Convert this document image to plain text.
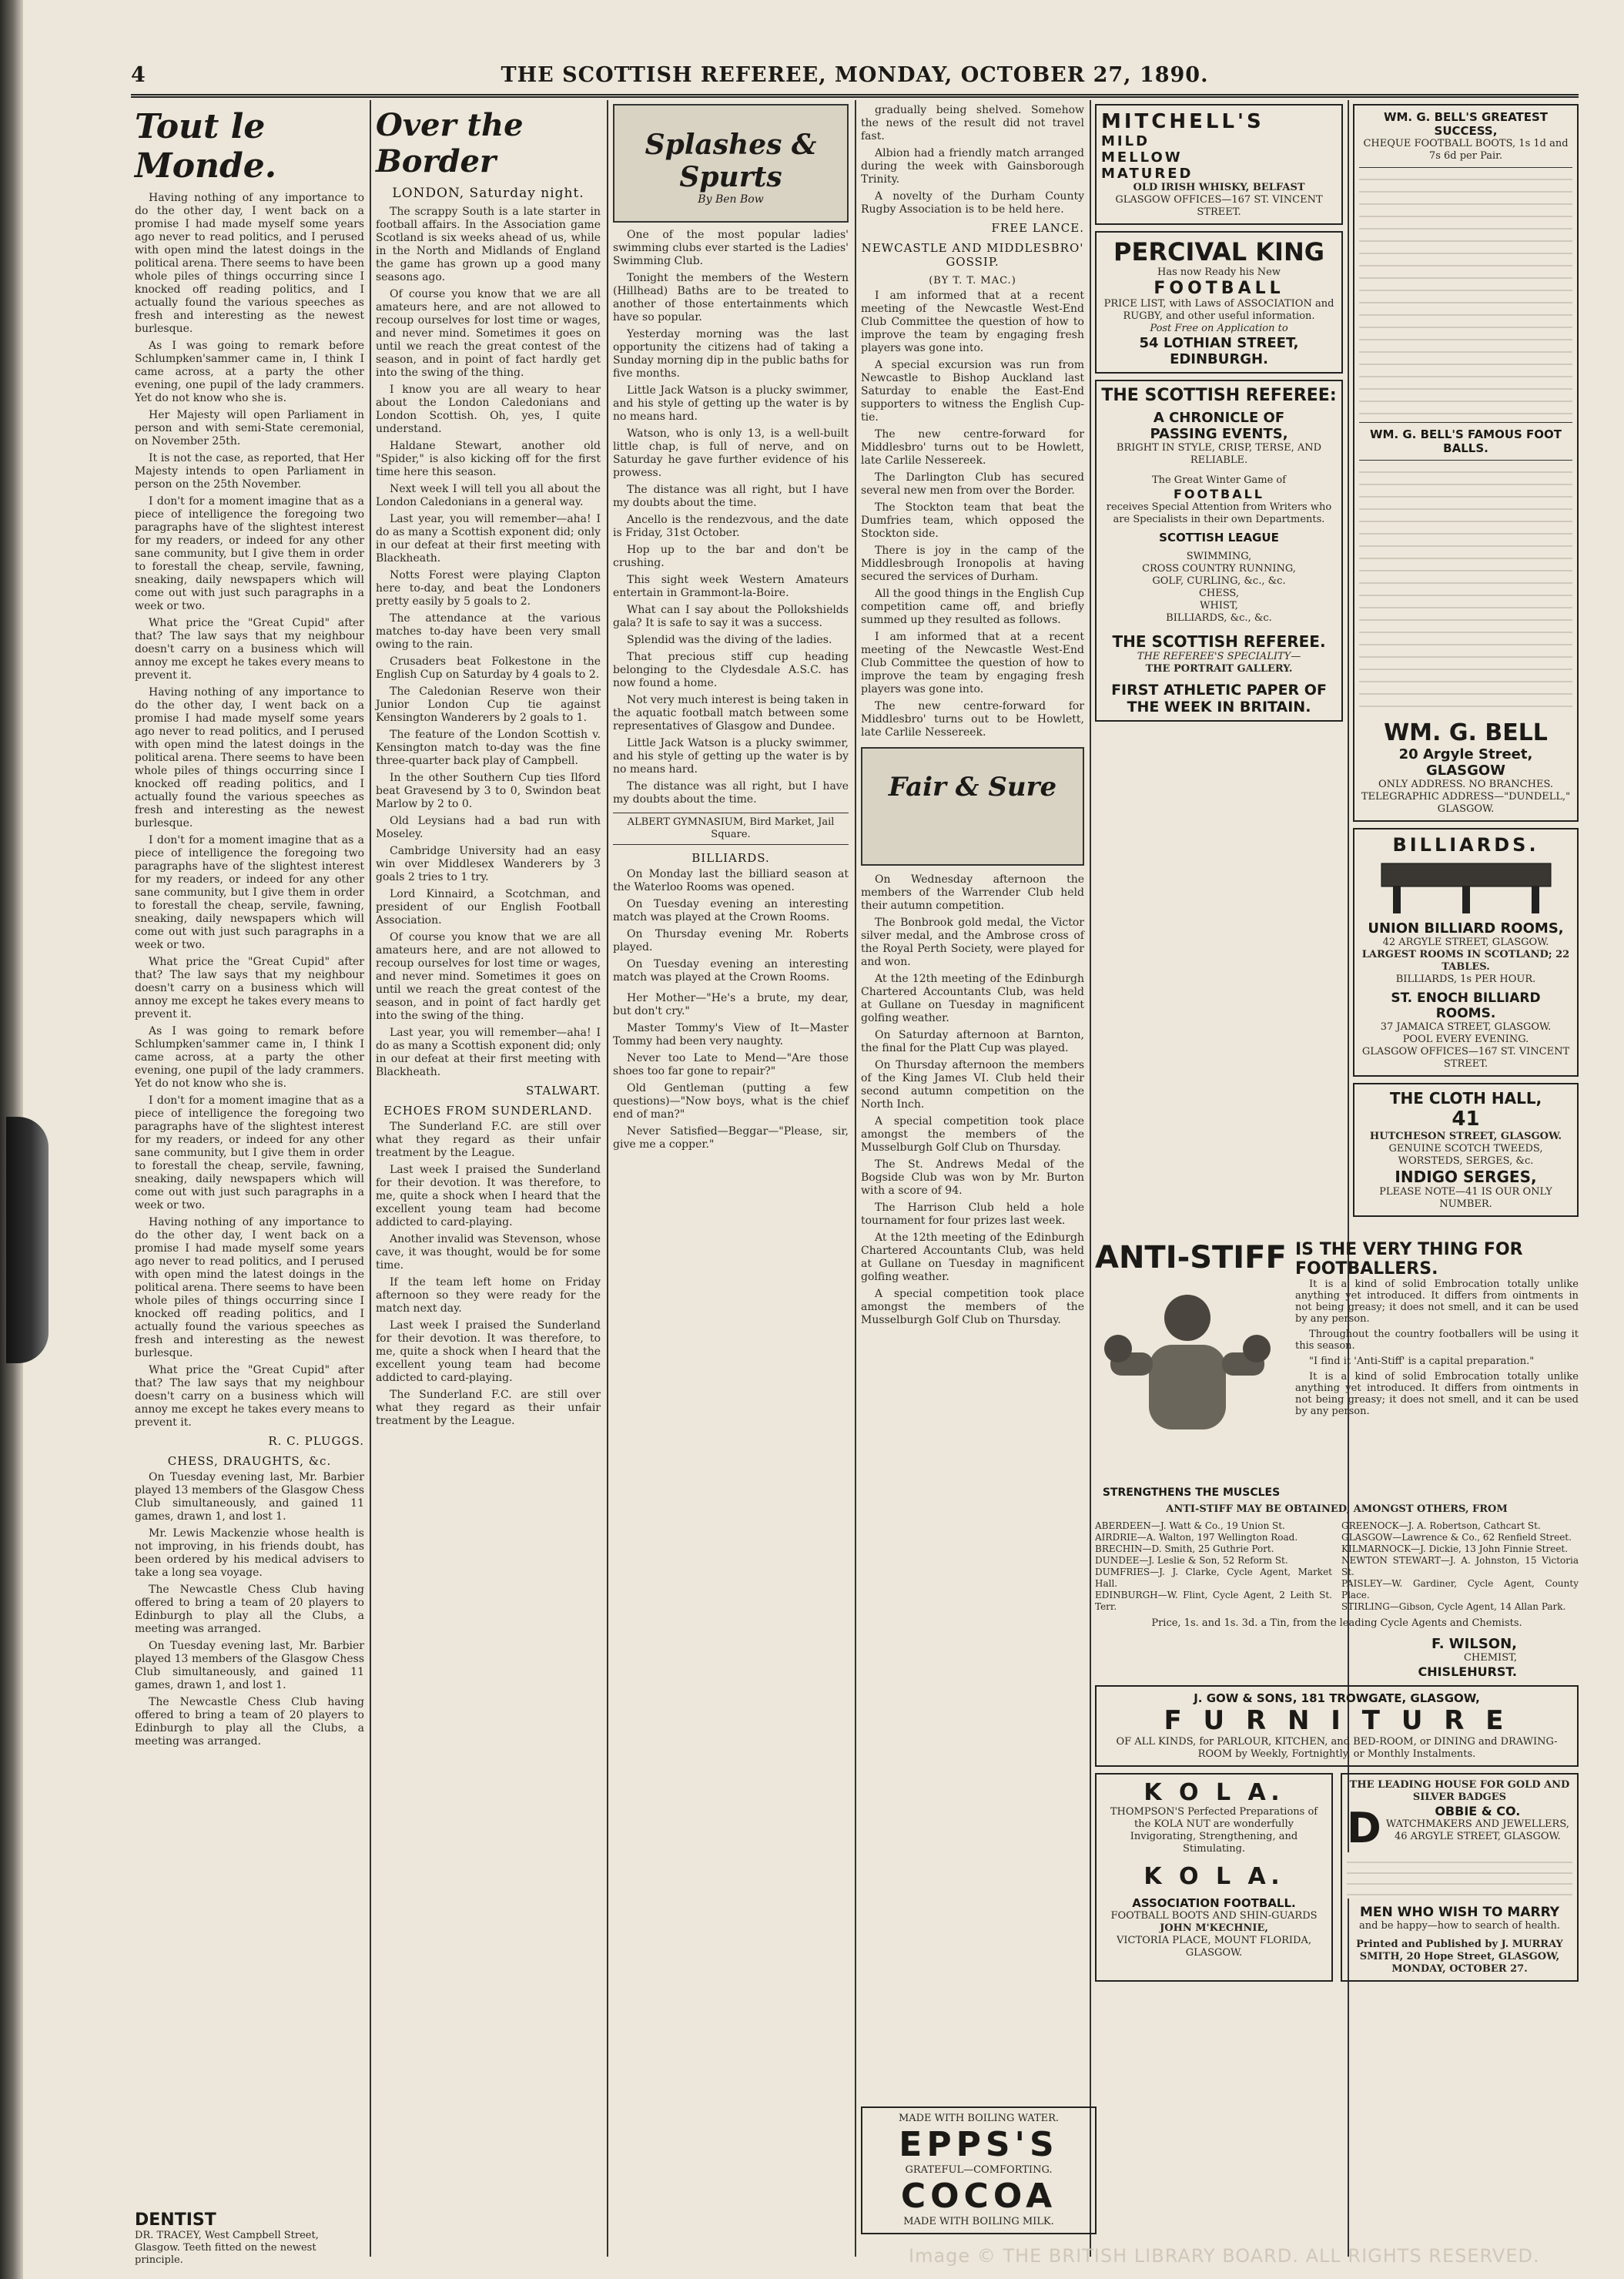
4	THE SCOTTISH REFEREE, MONDAY, OCTOBER 27, 1890.
Tout le Monde.

Having nothing of any importance to do the other day, I went back on a promise I had made myself some years ago never to read politics, and I perused with open mind the latest doings in the political arena. There seems to have been whole piles of things occurring since I knocked off reading politics, and I actually found the various speeches as fresh and interesting as the newest burlesque.

As I was going to remark before Schlumpken'sammer came in, I think I came across, at a party the other evening, one pupil of the lady crammers. Yet do not know who she is.

Her Majesty will open Parliament in person and with semi-State ceremonial, on November 25th.

It is not the case, as reported, that Her Majesty intends to open Parliament in person on the 25th November.

I don't for a moment imagine that as a piece of intelligence the foregoing two paragraphs have of the slightest interest for my readers, or indeed for any other sane community, but I give them in order to forestall the cheap, servile, fawning, sneaking, daily newspapers which will come out with just such paragraphs in a week or two.

What price the "Great Cupid" after that? The law says that my neighbour doesn't carry on a business which will annoy me except he takes every means to prevent it.

Having nothing of any importance to do the other day, I went back on a promise I had made myself some years ago never to read politics, and I perused with open mind the latest doings in the political arena. There seems to have been whole piles of things occurring since I knocked off reading politics, and I actually found the various speeches as fresh and interesting as the newest burlesque.

I don't for a moment imagine that as a piece of intelligence the foregoing two paragraphs have of the slightest interest for my readers, or indeed for any other sane community, but I give them in order to forestall the cheap, servile, fawning, sneaking, daily newspapers which will come out with just such paragraphs in a week or two.

What price the "Great Cupid" after that? The law says that my neighbour doesn't carry on a business which will annoy me except he takes every means to prevent it.

As I was going to remark before Schlumpken'sammer came in, I think I came across, at a party the other evening, one pupil of the lady crammers. Yet do not know who she is.

I don't for a moment imagine that as a piece of intelligence the foregoing two paragraphs have of the slightest interest for my readers, or indeed for any other sane community, but I give them in order to forestall the cheap, servile, fawning, sneaking, daily newspapers which will come out with just such paragraphs in a week or two.

Having nothing of any importance to do the other day, I went back on a promise I had made myself some years ago never to read politics, and I perused with open mind the latest doings in the political arena. There seems to have been whole piles of things occurring since I knocked off reading politics, and I actually found the various speeches as fresh and interesting as the newest burlesque.

What price the "Great Cupid" after that? The law says that my neighbour doesn't carry on a business which will annoy me except he takes every means to prevent it.

R. C. PLUGGS.
CHESS, DRAUGHTS, &c.

On Tuesday evening last, Mr. Barbier played 13 members of the Glasgow Chess Club simultaneously, and gained 11 games, drawn 1, and lost 1.

Mr. Lewis Mackenzie whose health is not improving, in his friends doubt, has been ordered by his medical advisers to take a long sea voyage.

The Newcastle Chess Club having offered to bring a team of 20 players to Edinburgh to play all the Clubs, a meeting was arranged.

On Tuesday evening last, Mr. Barbier played 13 members of the Glasgow Chess Club simultaneously, and gained 11 games, drawn 1, and lost 1.

The Newcastle Chess Club having offered to bring a team of 20 players to Edinburgh to play all the Clubs, a meeting was arranged.

DENTIST
DR. TRACEY, West Campbell Street, Glasgow. Teeth fitted on the newest principle.
Over the Border
LONDON, Saturday night.

The scrappy South is a late starter in football affairs. In the Association game Scotland is six weeks ahead of us, while in the North and Midlands of England the game has grown up a good many seasons ago.

Of course you know that we are all amateurs here, and are not allowed to recoup ourselves for lost time or wages, and never mind. Sometimes it goes on until we reach the great contest of the season, and in point of fact hardly get into the swing of the thing.

I know you are all weary to hear about the London Caledonians and London Scottish. Oh, yes, I quite understand.

Haldane Stewart, another old "Spider," is also kicking off for the first time here this season.

Next week I will tell you all about the London Caledonians in a general way.

Last year, you will remember—aha! I do as many a Scottish exponent did; only in our defeat at their first meeting with Blackheath.

Notts Forest were playing Clapton here to-day, and beat the Londoners pretty easily by 5 goals to 2.

The attendance at the various matches to-day have been very small owing to the rain.

Crusaders beat Folkestone in the English Cup on Saturday by 4 goals to 2.

The Caledonian Reserve won their Junior London Cup tie against Kensington Wanderers by 2 goals to 1.

The feature of the London Scottish v. Kensington match to-day was the fine three-quarter back play of Campbell.

In the other Southern Cup ties Ilford beat Gravesend by 3 to 0, Swindon beat Marlow by 2 to 0.

Old Leysians had a bad run with Moseley.

Cambridge University had an easy win over Middlesex Wanderers by 3 goals 2 tries to 1 try.

Lord Kinnaird, a Scotchman, and president of our English Football Association.

Of course you know that we are all amateurs here, and are not allowed to recoup ourselves for lost time or wages, and never mind. Sometimes it goes on until we reach the great contest of the season, and in point of fact hardly get into the swing of the thing.

Last year, you will remember—aha! I do as many a Scottish exponent did; only in our defeat at their first meeting with Blackheath.

STALWART.
ECHOES FROM SUNDERLAND.

The Sunderland F.C. are still over what they regard as their unfair treatment by the League.

Last week I praised the Sunderland for their devotion. It was therefore, to me, quite a shock when I heard that the excellent young team had become addicted to card-playing.

Another invalid was Stevenson, whose cave, it was thought, would be for some time.

If the team left home on Friday afternoon so they were ready for the match next day.

Last week I praised the Sunderland for their devotion. It was therefore, to me, quite a shock when I heard that the excellent young team had become addicted to card-playing.

The Sunderland F.C. are still over what they regard as their unfair treatment by the League.

Splashes & Spurts
By Ben Bow

One of the most popular ladies' swimming clubs ever started is the Ladies' Swimming Club.

Tonight the members of the Western (Hillhead) Baths are to be treated to another of those entertainments which have so popular.

Yesterday morning was the last opportunity the citizens had of taking a Sunday morning dip in the public baths for five months.

Little Jack Watson is a plucky swimmer, and his style of getting up the water is by no means hard.

Watson, who is only 13, is a well-built little chap, is full of nerve, and on Saturday he gave further evidence of his prowess.

The distance was all right, but I have my doubts about the time.

Ancello is the rendezvous, and the date is Friday, 31st October.

Hop up to the bar and don't be crushing.

This sight week Western Amateurs entertain in Grammont-la-Boire.

What can I say about the Pollokshields gala? It is safe to say it was a success.

Splendid was the diving of the ladies.

That precious stiff cup heading belonging to the Clydesdale A.S.C. has now found a home.

Not very much interest is being taken in the aquatic football match between some representatives of Glasgow and Dundee.

Little Jack Watson is a plucky swimmer, and his style of getting up the water is by no means hard.

The distance was all right, but I have my doubts about the time.

ALBERT GYMNASIUM, Bird Market, Jail Square.
BILLIARDS.

On Monday last the billiard season at the Waterloo Rooms was opened.

On Tuesday evening an interesting match was played at the Crown Rooms.

On Thursday evening Mr. Roberts played.

On Tuesday evening an interesting match was played at the Crown Rooms.

Her Mother—"He's a brute, my dear, but don't cry."

Master Tommy's View of It—Master Tommy had been very naughty.

Never too Late to Mend—"Are those shoes too far gone to repair?"

Old Gentleman (putting a few questions)—"Now boys, what is the chief end of man?"

Never Satisfied—Beggar—"Please, sir, give me a copper."

gradually being shelved. Somehow the news of the result did not travel fast.

Albion had a friendly match arranged during the week with Gainsborough Trinity.

A novelty of the Durham County Rugby Association is to be held here.

FREE LANCE.
NEWCASTLE AND MIDDLESBRO' GOSSIP.
(BY T. T. MAC.)

I am informed that at a recent meeting of the Newcastle West-End Club Committee the question of how to improve the team by engaging fresh players was gone into.

A special excursion was run from Newcastle to Bishop Auckland last Saturday to enable the East-End supporters to witness the English Cup-tie.

The new centre-forward for Middlesbro' turns out to be Howlett, late Carlile Nessereek.

The Darlington Club has secured several new men from over the Border.

The Stockton team that beat the Dumfries team, which opposed the Stockton side.

There is joy in the camp of the Middlesbrough Ironopolis at having secured the services of Durham.

All the good things in the English Cup competition came off, and briefly summed up they resulted as follows.

I am informed that at a recent meeting of the Newcastle West-End Club Committee the question of how to improve the team by engaging fresh players was gone into.

The new centre-forward for Middlesbro' turns out to be Howlett, late Carlile Nessereek.

Fair & Sure

On Wednesday afternoon the members of the Warrender Club held their autumn competition.

The Bonbrook gold medal, the Victor silver medal, and the Ambrose cross of the Royal Perth Society, were played for and won.

At the 12th meeting of the Edinburgh Chartered Accountants Club, was held at Gullane on Tuesday in magnificent golfing weather.

On Saturday afternoon at Barnton, the final for the Platt Cup was played.

On Thursday afternoon the members of the King James VI. Club held their second autumn competition on the North Inch.

A special competition took place amongst the members of the Musselburgh Golf Club on Thursday.

The St. Andrews Medal of the Bogside Club was won by Mr. Burton with a score of 94.

The Harrison Club held a hole tournament for four prizes last week.

At the 12th meeting of the Edinburgh Chartered Accountants Club, was held at Gullane on Tuesday in magnificent golfing weather.

A special competition took place amongst the members of the Musselburgh Golf Club on Thursday.

MADE WITH BOILING WATER.
EPPS'S
GRATEFUL—COMFORTING.
COCOA
MADE WITH BOILING MILK.
MITCHELL'S
MILD
MELLOW
MATURED
OLD IRISH WHISKY, BELFAST
GLASGOW OFFICES—167 ST. VINCENT STREET.
PERCIVAL KING
Has now Ready his New
FOOTBALL
PRICE LIST, with Laws of ASSOCIATION and RUGBY, and other useful information.
Post Free on Application to
54 LOTHIAN STREET, EDINBURGH.
THE SCOTTISH REFEREE:
A CHRONICLE OF
PASSING EVENTS,
BRIGHT IN STYLE, CRISP, TERSE, AND RELIABLE.
The Great Winter Game of
FOOTBALL
receives Special Attention from Writers who are Specialists in their own Departments.
SCOTTISH LEAGUE
SWIMMING,
CROSS COUNTRY RUNNING,
GOLF, CURLING, &c., &c.
CHESS,
WHIST,
BILLIARDS, &c., &c.
THE SCOTTISH REFEREE.
THE REFEREE'S SPECIALITY—
THE PORTRAIT GALLERY.
FIRST ATHLETIC PAPER OF THE WEEK IN BRITAIN.
WM. G. BELL'S GREATEST SUCCESS,
CHEQUE FOOTBALL BOOTS, 1s 1d and 7s 6d per Pair.
WM. G. BELL'S FAMOUS FOOT BALLS.
WM. G. BELL
20 Argyle Street, GLASGOW
ONLY ADDRESS. NO BRANCHES.
TELEGRAPHIC ADDRESS—"DUNDELL," GLASGOW.
BILLIARDS.
UNION BILLIARD ROOMS,
42 ARGYLE STREET, GLASGOW.
LARGEST ROOMS IN SCOTLAND; 22 TABLES.
BILLIARDS, 1s PER HOUR.
ST. ENOCH BILLIARD ROOMS.
37 JAMAICA STREET, GLASGOW.
POOL EVERY EVENING.
GLASGOW OFFICES—167 ST. VINCENT STREET.
THE CLOTH HALL,
41
HUTCHESON STREET, GLASGOW.
GENUINE SCOTCH TWEEDS, WORSTEDS, SERGES, &c.
INDIGO SERGES,
PLEASE NOTE—41 IS OUR ONLY NUMBER.
ANTI-STIFF
STRENGTHENS THE MUSCLES
IS THE VERY THING FOR FOOTBALLERS.

It is a kind of solid Embrocation totally unlike anything yet introduced. It differs from ointments in not being greasy; it does not smell, and it can be used by any person.

Throughout the country footballers will be using it this season.

"I find it 'Anti-Stiff' is a capital preparation."

It is a kind of solid Embrocation totally unlike anything yet introduced. It differs from ointments in not being greasy; it does not smell, and it can be used by any person.

ANTI-STIFF MAY BE OBTAINED, AMONGST OTHERS, FROM
ABERDEEN—J. Watt & Co., 19 Union St.
AIRDRIE—A. Walton, 197 Wellington Road.
BRECHIN—D. Smith, 25 Guthrie Port.
DUNDEE—J. Leslie & Son, 52 Reform St.
DUMFRIES—J. J. Clarke, Cycle Agent, Market Hall.
EDINBURGH—W. Flint, Cycle Agent, 2 Leith St. Terr.
GREENOCK—J. A. Robertson, Cathcart St.
GLASGOW—Lawrence & Co., 62 Renfield Street.
KILMARNOCK—J. Dickie, 13 John Finnie Street.
NEWTON STEWART—J. A. Johnston, 15 Victoria St.
PAISLEY—W. Gardiner, Cycle Agent, County Place.
STIRLING—Gibson, Cycle Agent, 14 Allan Park.
Price, 1s. and 1s. 3d. a Tin, from the leading Cycle Agents and Chemists.
F. WILSON,
CHEMIST,
CHISLEHURST.
J. GOW & SONS, 181 TROWGATE, GLASGOW,
F U R N I T U R E
OF ALL KINDS, for PARLOUR, KITCHEN, and BED-ROOM, or DINING and DRAWING-ROOM by Weekly, Fortnightly, or Monthly Instalments.
K O L A.
THOMPSON'S Perfected Preparations of the KOLA NUT are wonderfully Invigorating, Strengthening, and Stimulating.
K O L A.
ASSOCIATION FOOTBALL.
FOOTBALL BOOTS AND SHIN-GUARDS
JOHN M'KECHNIE,
VICTORIA PLACE, MOUNT FLORIDA, GLASGOW.
THE LEADING HOUSE FOR GOLD AND SILVER BADGES
D	OBBIE & CO.
WATCHMAKERS AND JEWELLERS,
46 ARGYLE STREET, GLASGOW.
MEN WHO WISH TO MARRY
and be happy—how to search of health.
Printed and Published by J. MURRAY SMITH, 20 Hope Street, GLASGOW, MONDAY, OCTOBER 27.
Image © THE BRITISH LIBRARY BOARD. ALL RIGHTS RESERVED.
